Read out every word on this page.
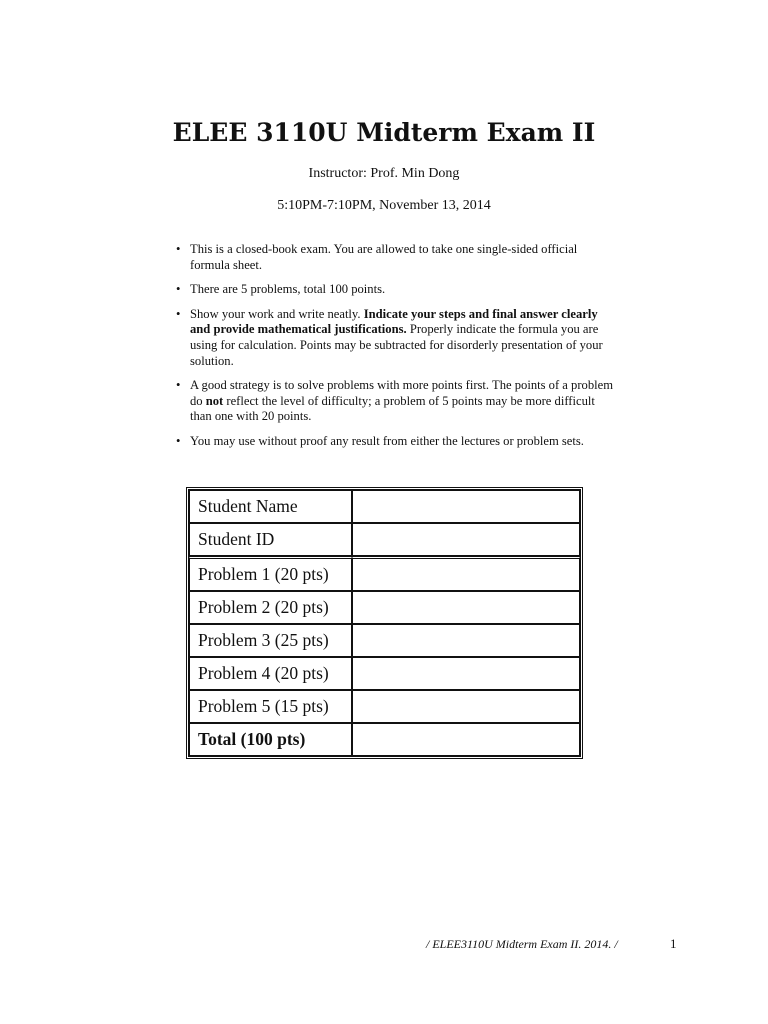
ELEE 3110U Midterm Exam II
Instructor: Prof. Min Dong
5:10PM-7:10PM, November 13, 2014
• This is a closed-book exam. You are allowed to take one single-sided official formula sheet.
• There are 5 problems, total 100 points.
• Show your work and write neatly. Indicate your steps and final answer clearly and provide mathematical justifications. Properly indicate the formula you are using for calculation. Points may be subtracted for disorderly presentation of your solution.
• A good strategy is to solve problems with more points first. The points of a problem do not reflect the level of difficulty; a problem of 5 points may be more difficult than one with 20 points.
• You may use without proof any result from either the lectures or problem sets.
Student Name	
Student ID	
Problem 1 (20 pts)	
Problem 2 (20 pts)	
Problem 3 (25 pts)	
Problem 4 (20 pts)	
Problem 5 (15 pts)	
Total (100 pts)	
/ ELEE3110U Midterm Exam II. 2014. /	1
